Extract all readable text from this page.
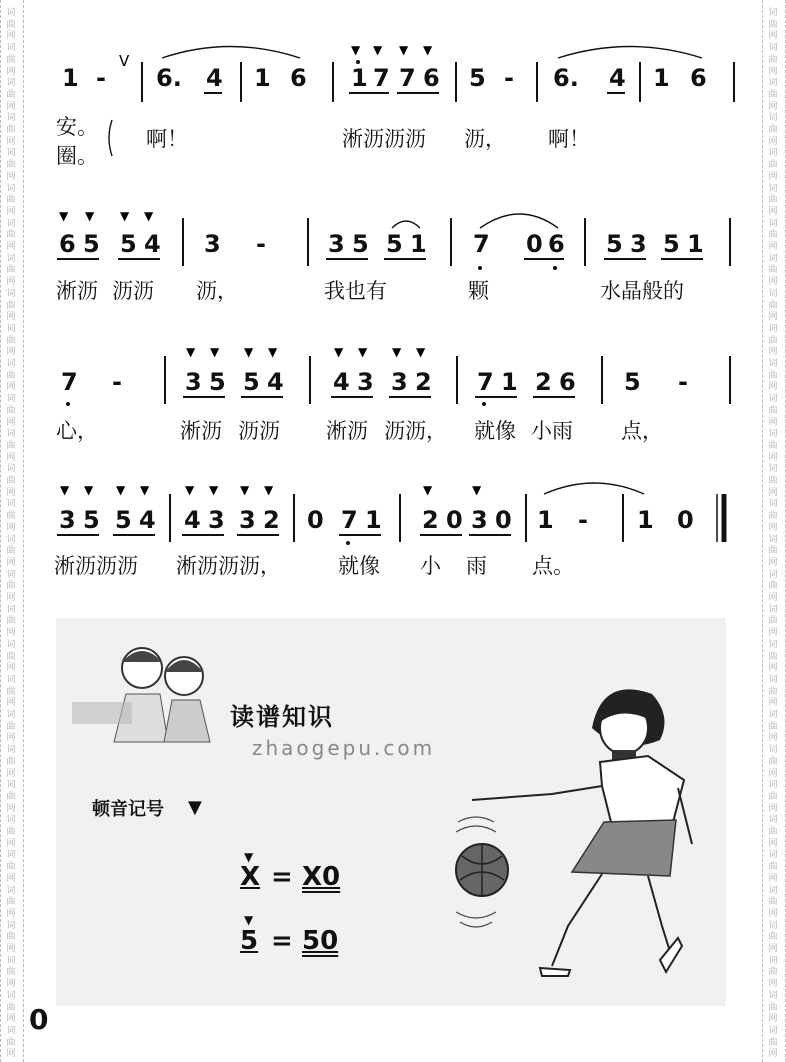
词
曲
网
词
曲
网
词
曲
网
词
曲
网
词
曲
网
词
曲
网
词
曲
网
词
曲
网
词
曲
网
词
曲
网
词
曲
网
词
曲
网
词
曲
网
词
曲
网
词
曲
网
词
曲
网
词
曲
网
词
曲
网
词
曲
网
词
曲
网
词
曲
网
词
曲
网
词
曲
网
词
曲
网
词
曲
网
词
曲
网
词
曲
网
词
曲
网
词
曲
网
词
曲
网
词
曲
网
词
曲
网
词
曲
网
词
曲
网
词
曲
网
词
曲
网
词
曲
网
词
曲
网
词
曲
网
词
曲
网
词
曲
网
词
曲
网
词
曲
网
词
曲
网
词
曲
网
词
曲
网
词
曲
网
词
曲
网
词
曲
网
词
曲
网
词
曲
网
词
曲
网
词
曲
网
词
曲
网
词
曲
网
词
曲
网
词
曲
网
词
曲
网
词
曲
网
词
曲
网
1 -
V
6. 4 1 6
▼ ▼ ▼ ▼
1 7 7 6 5 - 6. 4 1 6
安。
圈。
啊！	淅沥沥沥 沥， 啊！
▼ ▼ ▼ ▼
6 5 5 4 3 -	3 5 5 1 7 0 6 5 3 5 1
淅沥 沥沥 沥，	我也有	颗	水晶般的
7 -
▼ ▼ ▼ ▼
3 5 5 4
▼ ▼ ▼ ▼
4 3 3 2 7 1 2 6 5 -
心，	淅沥 沥沥 淅沥 沥沥， 就像 小雨 点，
▼ ▼ ▼ ▼
3 5 5 4
▼ ▼ ▼ ▼
4 3 3 2 0 7 1
▼	▼
2 0 3 0 1 - 1 0
淅沥沥沥 淅沥沥沥，	就像 小 雨 点。
读谱知识
zhaogepu.com
顿音记号 ▼
▼
X = X0
▼
5 = 50
0
